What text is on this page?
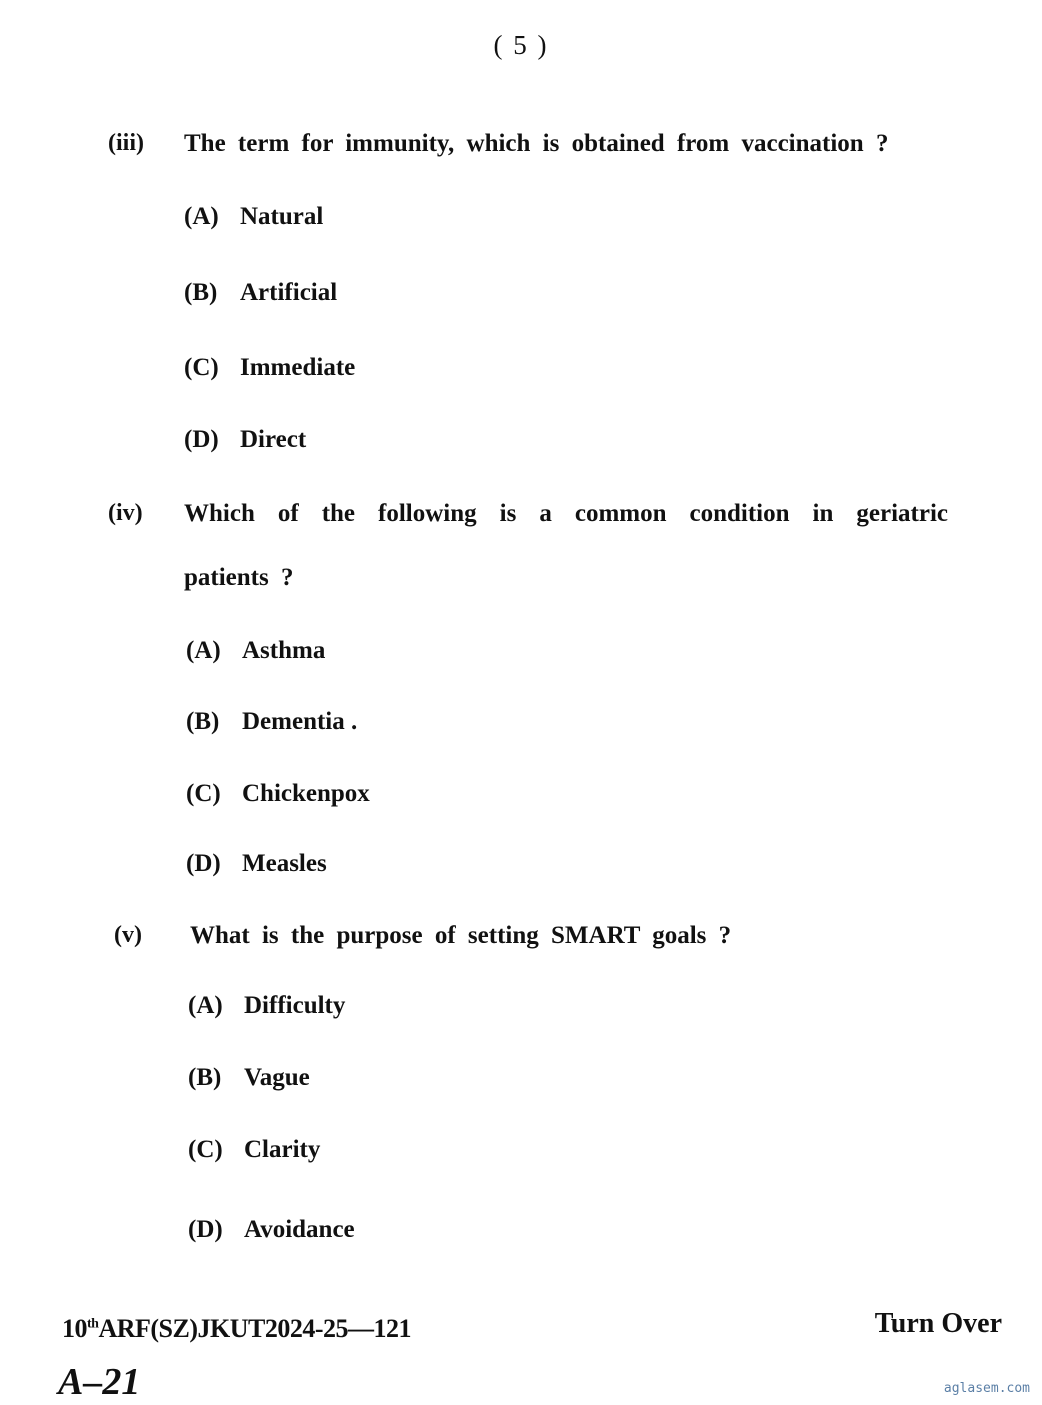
( 5 )
(iii) The term for immunity, which is obtained from vaccination ?
(A) Natural
(B) Artificial
(C) Immediate
(D) Direct
(iv) Which of the following is a common condition in geriatric patients ?
(A) Asthma
(B) Dementia .
(C) Chickenpox
(D) Measles
(v) What is the purpose of setting SMART goals ?
(A) Difficulty
(B) Vague
(C) Clarity
(D) Avoidance
10thARF(SZ)JKUT2024-25—121
A–21
Turn Over
aglasem.com
